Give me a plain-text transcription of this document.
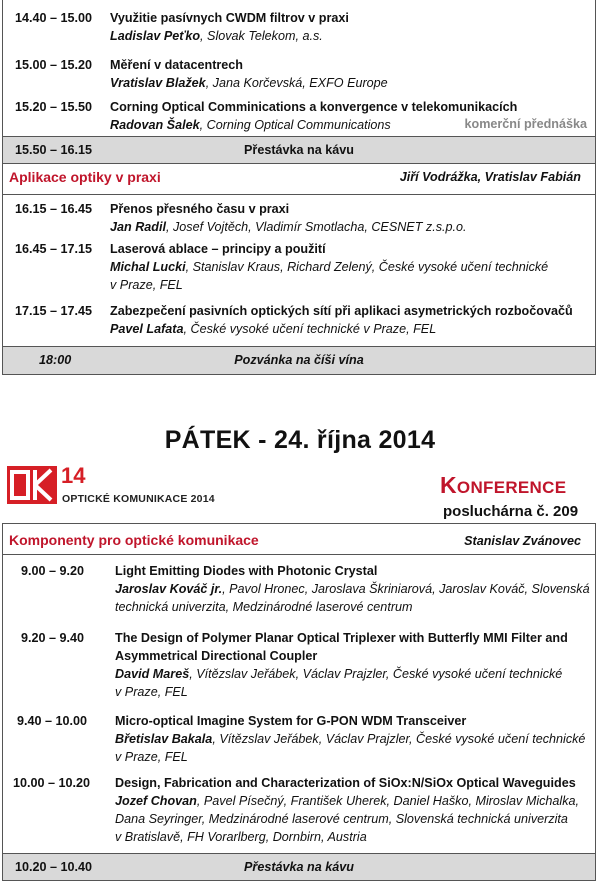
14.40 – 15.00	Využitie pasívnych CWDM filtrov v praxi
Ladislav Peťko, Slovak Telekom, a.s.
15.00 – 15.20	Měření v datacentrech
Vratislav Blažek, Jana Korčevská, EXFO Europe
15.20 – 15.50	Corning Optical Comminications a konvergence v telekomunikacích
Radovan Šalek, Corning Optical Communications	komerční přednáška
15.50 – 16.15	Přestávka na kávu
Aplikace optiky v praxi	Jiří Vodrážka, Vratislav Fabián
16.15 – 16.45	Přenos přesného času v praxi
Jan Radil, Josef Vojtěch, Vladimír Smotlacha, CESNET z.s.p.o.
16.45 – 17.15	Laserová ablace – principy a použití
Michal Lucki, Stanislav Kraus, Richard Zelený, České vysoké učení technické
v Praze, FEL
17.15 – 17.45	Zabezpečení pasivních optických sítí při aplikaci asymetrických rozbočovačů
Pavel Lafata, České vysoké učení technické v Praze, FEL
18:00	Pozvánka na číši vína
PÁTEK - 24. října 2014
14
OPTICKÉ KOMUNIKACE 2014
KONFERENCE
posluchárna č. 209
Komponenty pro optické komunikace	Stanislav Zvánovec
9.00 – 9.20	Light Emitting Diodes with Photonic Crystal
Jaroslav Kováč jr., Pavol Hronec, Jaroslava Škriniarová, Jaroslav Kováč, Slovenská
technická univerzita, Medzinárodné laserové centrum
9.20 – 9.40	The Design of Polymer Planar Optical Triplexer with Butterfly MMI Filter and
Asymmetrical Directional Coupler
David Mareš, Vítězslav Jeřábek, Václav Prajzler, České vysoké učení technické
v Praze, FEL
9.40 – 10.00	Micro-optical Imagine System for G-PON WDM Transceiver
Břetislav Bakala, Vítězslav Jeřábek, Václav Prajzler, České vysoké učení technické
v Praze, FEL
10.00 – 10.20	Design, Fabrication and Characterization of SiOx:N/SiOx Optical Waveguides
Jozef Chovan, Pavel Písečný, František Uherek, Daniel Haško, Miroslav Michalka,
Dana Seyringer, Medzinárodné laserové centrum, Slovenská technická univerzita
v Bratislavě, FH Vorarlberg, Dornbirn, Austria
10.20 – 10.40	Přestávka na kávu
